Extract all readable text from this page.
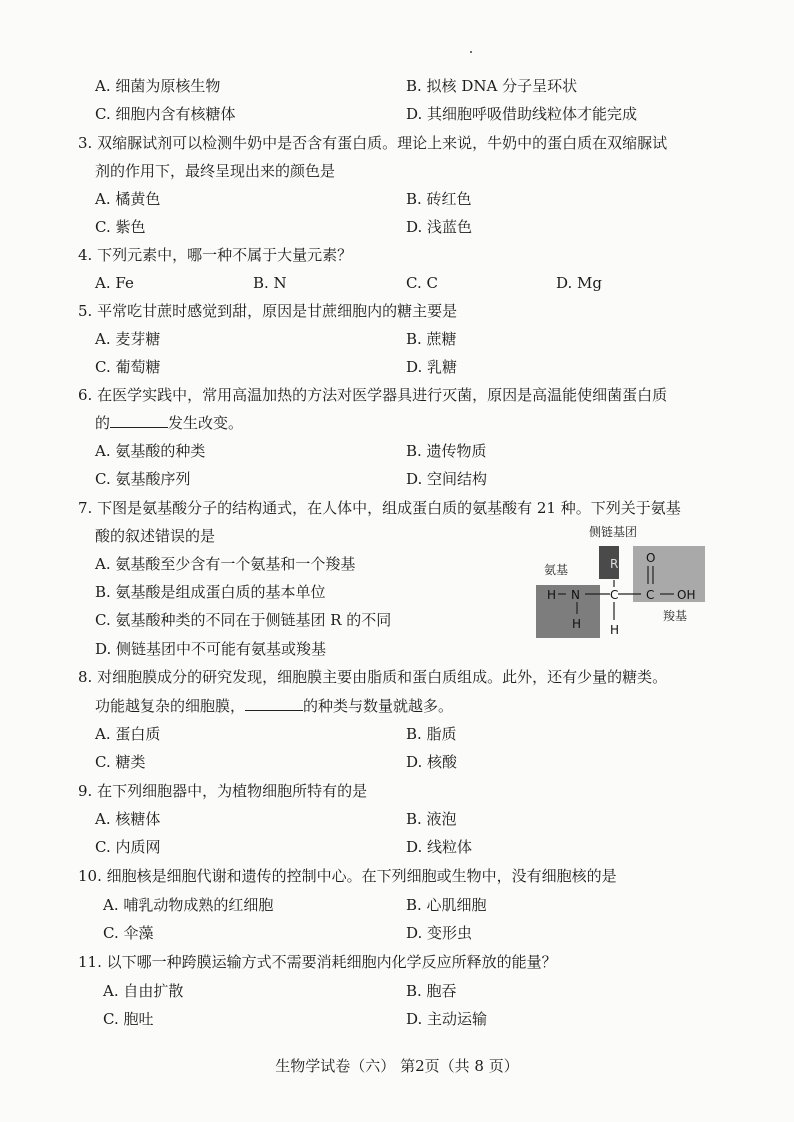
A. 细菌为原核生物	B. 拟核 DNA 分子呈环状
C. 细胞内含有核糖体	D. 其细胞呼吸借助线粒体才能完成
3. 双缩脲试剂可以检测牛奶中是否含有蛋白质。理论上来说，牛奶中的蛋白质在双缩脲试
剂的作用下，最终呈现出来的颜色是
A. 橘黄色	B. 砖红色
C. 紫色	D. 浅蓝色
4. 下列元素中，哪一种不属于大量元素？
A. Fe	B. N	C. C	D. Mg
5. 平常吃甘蔗时感觉到甜，原因是甘蔗细胞内的糖主要是
A. 麦芽糖	B. 蔗糖
C. 葡萄糖	D. 乳糖
6. 在医学实践中，常用高温加热的方法对医学器具进行灭菌，原因是高温能使细菌蛋白质
的	发生改变。
A. 氨基酸的种类	B. 遗传物质
C. 氨基酸序列	D. 空间结构
7. 下图是氨基酸分子的结构通式，在人体中，组成蛋白质的氨基酸有 21 种。下列关于氨基
酸的叙述错误的是
A. 氨基酸至少含有一个氨基和一个羧基
B. 氨基酸是组成蛋白质的基本单位
C. 氨基酸种类的不同在于侧链基团 R 的不同
D. 侧链基团中不可能有氨基或羧基
侧链基团
氨基
羧基
R
H N
H
C
H
C
O
OH
8. 对细胞膜成分的研究发现，细胞膜主要由脂质和蛋白质组成。此外，还有少量的糖类。
功能越复杂的细胞膜，	的种类与数量就越多。
A. 蛋白质	B. 脂质
C. 糖类	D. 核酸
9. 在下列细胞器中，为植物细胞所特有的是
A. 核糖体	B. 液泡
C. 内质网	D. 线粒体
10. 细胞核是细胞代谢和遗传的控制中心。在下列细胞或生物中，没有细胞核的是
A. 哺乳动物成熟的红细胞	B. 心肌细胞
C. 伞藻	D. 变形虫
11. 以下哪一种跨膜运输方式不需要消耗细胞内化学反应所释放的能量？
A. 自由扩散	B. 胞吞
C. 胞吐	D. 主动运输
生物学试卷（六） 第2页（共 8 页）
